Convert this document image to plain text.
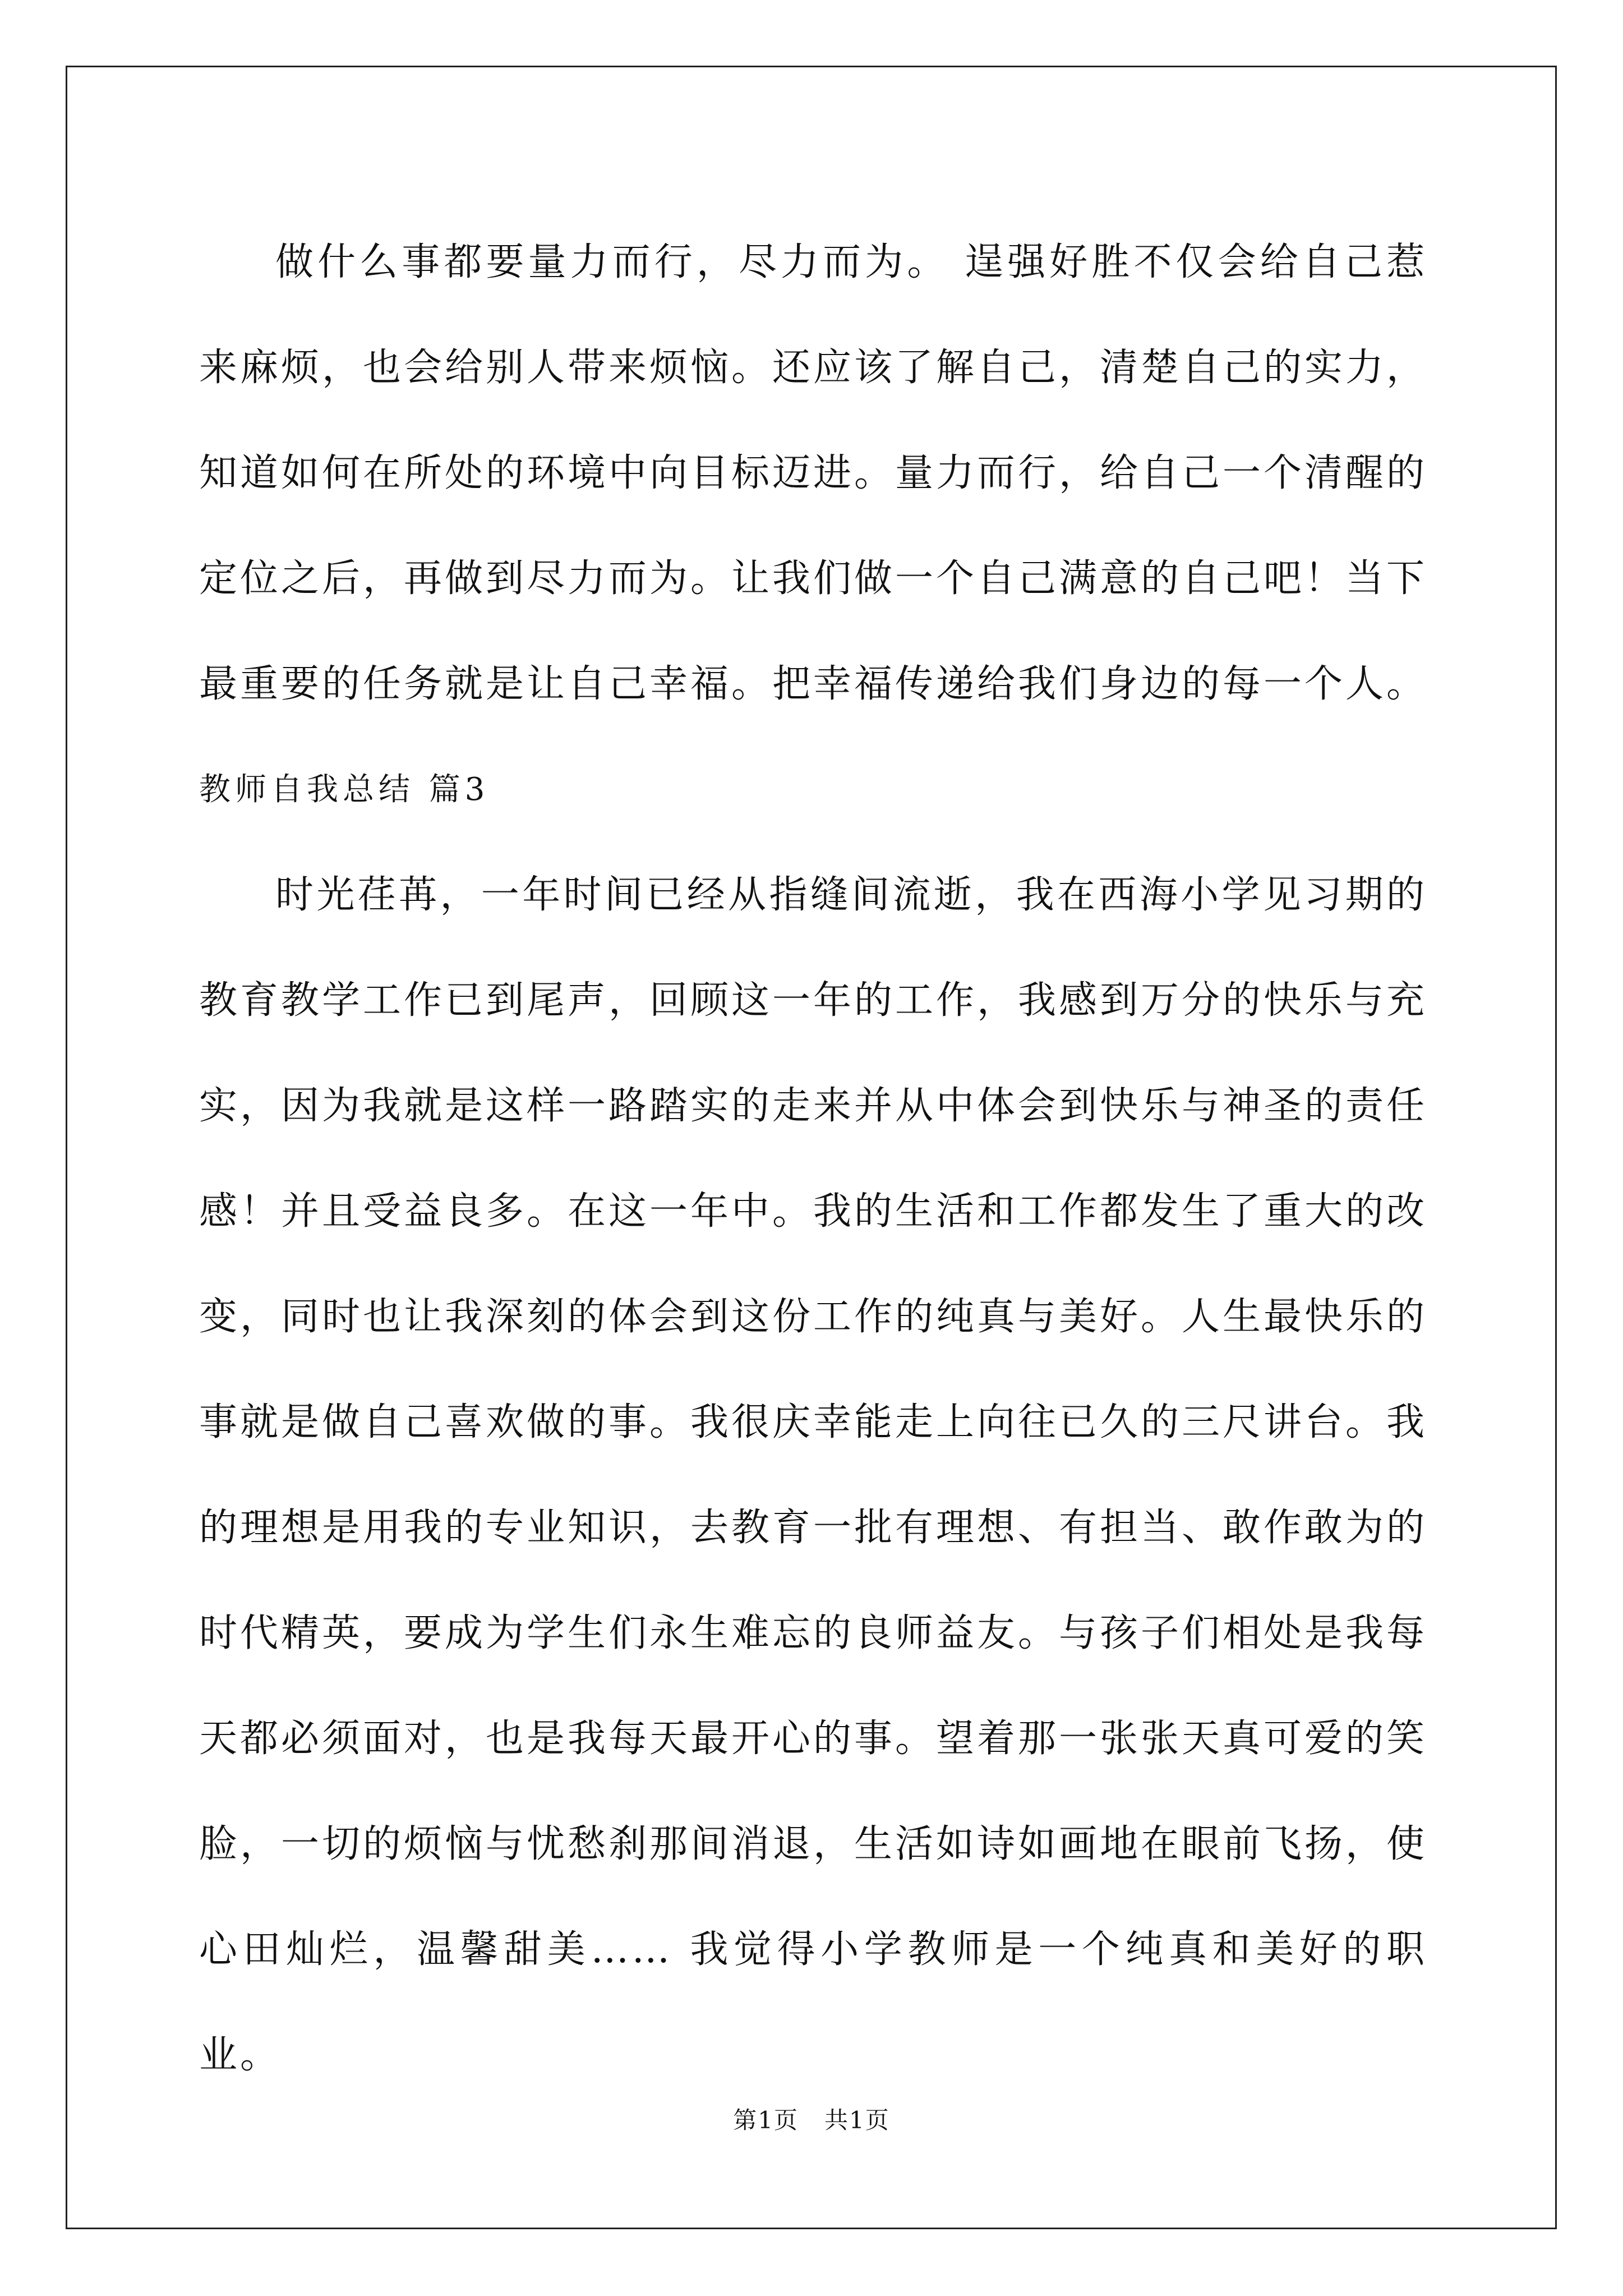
做什么事都要量力而行，尽力而为。 逞强好胜不仅会给自己惹来麻烦，也会给别人带来烦恼。还应该了解自己，清楚自己的实力，知道如何在所处的环境中向目标迈进。量力而行，给自己一个清醒的定位之后，再做到尽力而为。让我们做一个自己满意的自己吧！当下最重要的任务就是让自己幸福。把幸福传递给我们身边的每一个人。

教师自我总结 篇3

时光荏苒，一年时间已经从指缝间流逝，我在西海小学见习期的教育教学工作已到尾声，回顾这一年的工作，我感到万分的快乐与充实，因为我就是这样一路踏实的走来并从中体会到快乐与神圣的责任感！并且受益良多。在这一年中。我的生活和工作都发生了重大的改变，同时也让我深刻的体会到这份工作的纯真与美好。人生最快乐的事就是做自己喜欢做的事。我很庆幸能走上向往已久的三尺讲台。我的理想是用我的专业知识，去教育一批有理想、有担当、敢作敢为的时代精英，要成为学生们永生难忘的良师益友。与孩子们相处是我每天都必须面对，也是我每天最开心的事。望着那一张张天真可爱的笑脸，一切的烦恼与忧愁刹那间消退，生活如诗如画地在眼前飞扬，使心田灿烂，温馨甜美…… 我觉得小学教师是一个纯真和美好的职业。

第1页 共1页
